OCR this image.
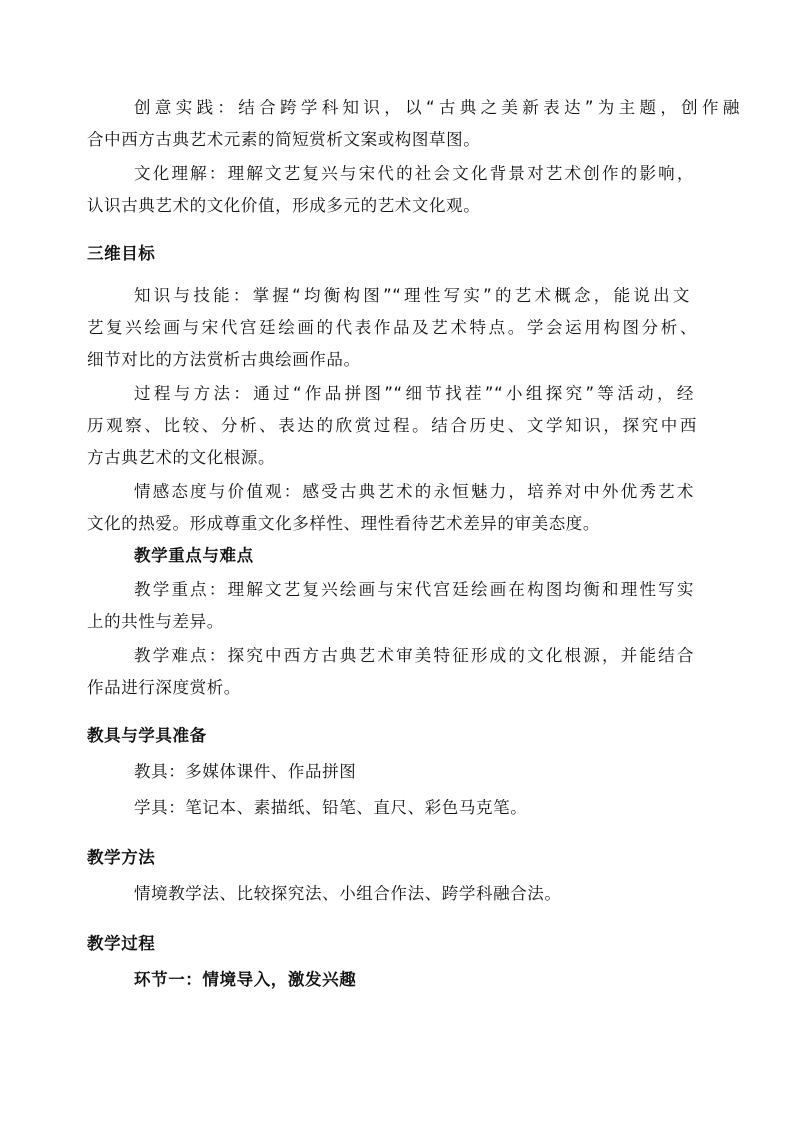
创意实践：结合跨学科知识，以“古典之美新表达”为主题，创作融
合中西方古典艺术元素的简短赏析文案或构图草图。
文化理解：理解文艺复兴与宋代的社会文化背景对艺术创作的影响，
认识古典艺术的文化价值，形成多元的艺术文化观。
三维目标
知识与技能：掌握“均衡构图”“理性写实”的艺术概念，能说出文
艺复兴绘画与宋代宫廷绘画的代表作品及艺术特点。学会运用构图分析、
细节对比的方法赏析古典绘画作品。
过程与方法：通过“作品拼图”“细节找茬”“小组探究”等活动，经
历观察、比较、分析、表达的欣赏过程。结合历史、文学知识，探究中西
方古典艺术的文化根源。
情感态度与价值观：感受古典艺术的永恒魅力，培养对中外优秀艺术
文化的热爱。形成尊重文化多样性、理性看待艺术差异的审美态度。
教学重点与难点
教学重点：理解文艺复兴绘画与宋代宫廷绘画在构图均衡和理性写实
上的共性与差异。
教学难点：探究中西方古典艺术审美特征形成的文化根源，并能结合
作品进行深度赏析。
教具与学具准备
教具：多媒体课件、作品拼图
学具：笔记本、素描纸、铅笔、直尺、彩色马克笔。
教学方法
情境教学法、比较探究法、小组合作法、跨学科融合法。
教学过程
环节一：情境导入，激发兴趣
